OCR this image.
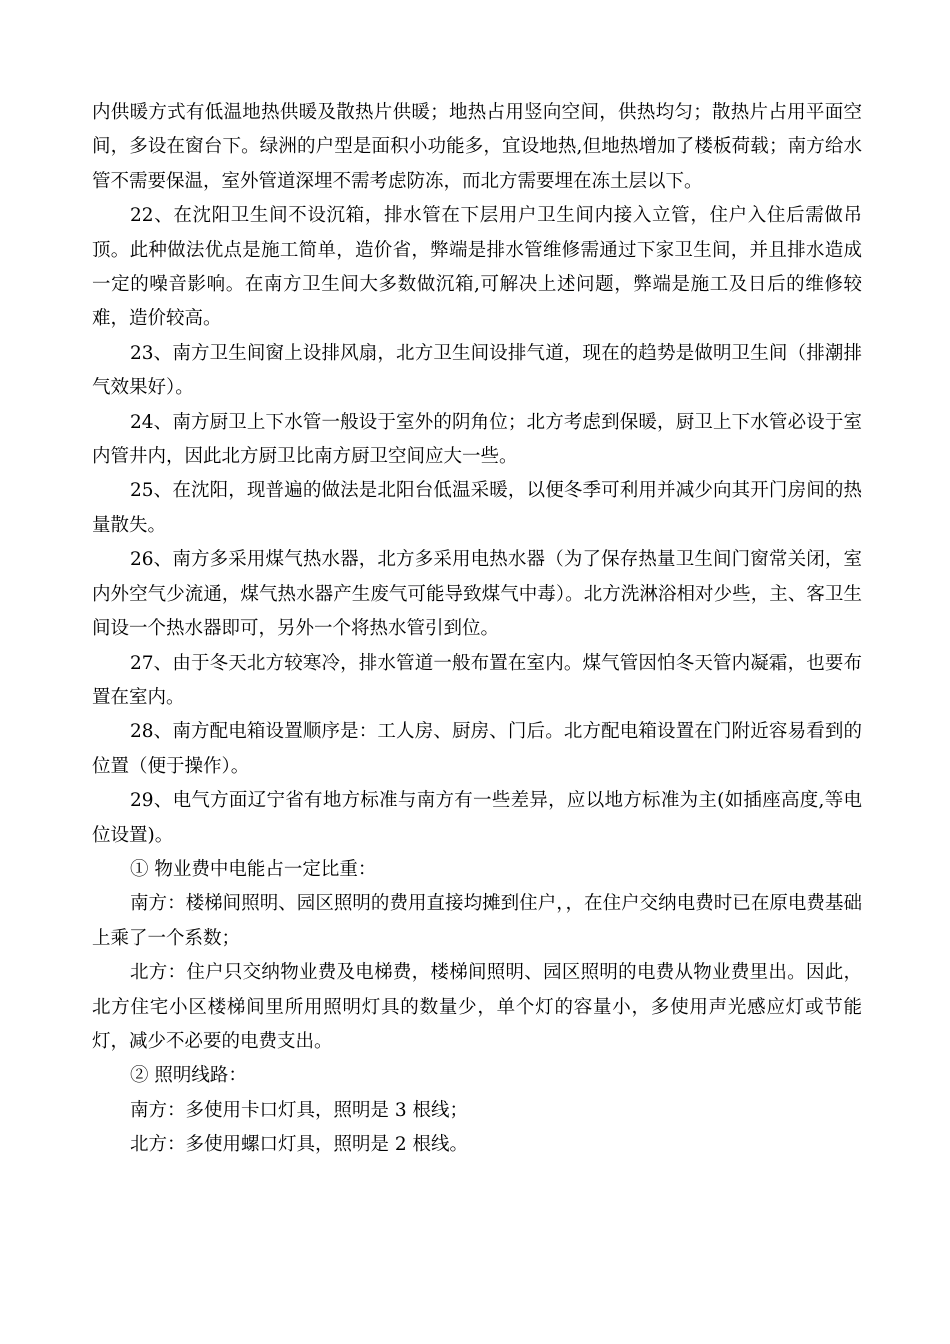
内供暖方式有低温地热供暖及散热片供暖；地热占用竖向空间，供热均匀；散热片占用平面空间，多设在窗台下。绿洲的户型是面积小功能多，宜设地热,但地热增加了楼板荷载；南方给水管不需要保温，室外管道深埋不需考虑防冻，而北方需要埋在冻土层以下。

22、在沈阳卫生间不设沉箱，排水管在下层用户卫生间内接入立管，住户入住后需做吊顶。此种做法优点是施工简单，造价省，弊端是排水管维修需通过下家卫生间，并且排水造成一定的噪音影响。在南方卫生间大多数做沉箱,可解决上述问题，弊端是施工及日后的维修较难，造价较高。

23、南方卫生间窗上设排风扇，北方卫生间设排气道，现在的趋势是做明卫生间（排潮排气效果好）。

24、南方厨卫上下水管一般设于室外的阴角位；北方考虑到保暖，厨卫上下水管必设于室内管井内，因此北方厨卫比南方厨卫空间应大一些。

25、在沈阳，现普遍的做法是北阳台低温采暖，以便冬季可利用并减少向其开门房间的热量散失。

26、南方多采用煤气热水器，北方多采用电热水器（为了保存热量卫生间门窗常关闭，室内外空气少流通，煤气热水器产生废气可能导致煤气中毒）。北方洗淋浴相对少些，主、客卫生间设一个热水器即可，另外一个将热水管引到位。

27、由于冬天北方较寒冷，排水管道一般布置在室内。煤气管因怕冬天管内凝霜，也要布置在室内。

28、南方配电箱设置顺序是：工人房、厨房、门后。北方配电箱设置在门附近容易看到的位置（便于操作）。

29、电气方面辽宁省有地方标准与南方有一些差异，应以地方标准为主(如插座高度,等电位设置)。

① 物业费中电能占一定比重：

南方：楼梯间照明、园区照明的费用直接均摊到住户，，在住户交纳电费时已在原电费基础上乘了一个系数；

北方：住户只交纳物业费及电梯费，楼梯间照明、园区照明的电费从物业费里出。因此，北方住宅小区楼梯间里所用照明灯具的数量少，单个灯的容量小，多使用声光感应灯或节能灯，减少不必要的电费支出。

② 照明线路：

南方：多使用卡口灯具，照明是 3 根线；

北方：多使用螺口灯具，照明是 2 根线。
